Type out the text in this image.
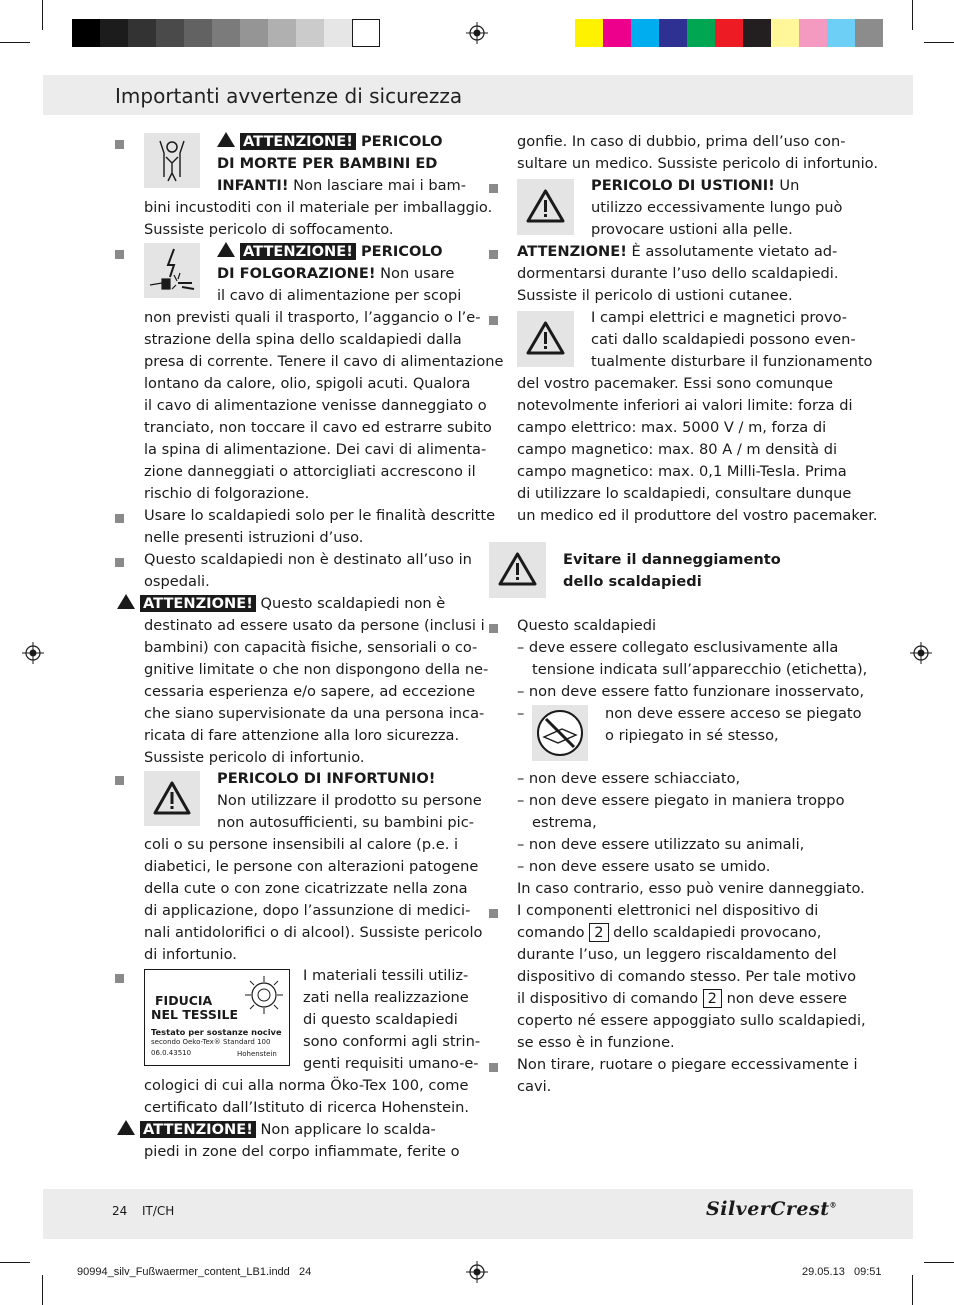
Importanti avvertenze di sicurezza
ATTENZIONE! PERICOLO
DI MORTE PER BAMBINI ED
INFANTI! Non lasciare mai i bam-
bini incustoditi con il materiale per imballaggio.
Sussiste pericolo di soffocamento.
ATTENZIONE! PERICOLO
DI FOLGORAZIONE! Non usare
il cavo di alimentazione per scopi
non previsti quali il trasporto, l’aggancio o l’e-
strazione della spina dello scaldapiedi dalla
presa di corrente. Tenere il cavo di alimentazione
lontano da calore, olio, spigoli acuti. Qualora
il cavo di alimentazione venisse danneggiato o
tranciato, non toccare il cavo ed estrarre subito
la spina di alimentazione. Dei cavi di alimenta-
zione danneggiati o attorcigliati accrescono il
rischio di folgorazione.
Usare lo scaldapiedi solo per le finalità descritte
nelle presenti istruzioni d’uso.
Questo scaldapiedi non è destinato all’uso in
ospedali.
ATTENZIONE! Questo scaldapiedi non è
destinato ad essere usato da persone (inclusi i
bambini) con capacità fisiche, sensoriali o co-
gnitive limitate o che non dispongono della ne-
cessaria esperienza e/o sapere, ad eccezione
che siano supervisionate da una persona inca-
ricata di fare attenzione alla loro sicurezza.
Sussiste pericolo di infortunio.
PERICOLO DI INFORTUNIO!
Non utilizzare il prodotto su persone
non autosufficienti, su bambini pic-
coli o su persone insensibili al calore (p.e. i
diabetici, le persone con alterazioni patogene
della cute o con zone cicatrizzate nella zona
di applicazione, dopo l’assunzione di medici-
nali antidolorifici o di alcool). Sussiste pericolo
di infortunio.
FIDUCIA
NEL TESSILE
Testato per sostanze nocive
secondo Oeko-Tex® Standard 100
06.0.43510	Hohenstein
I materiali tessili utiliz-
zati nella realizzazione
di questo scaldapiedi
sono conformi agli strin-
genti requisiti umano-e-
cologici di cui alla norma Öko-Tex 100, come
certificato dall’Istituto di ricerca Hohenstein.
ATTENZIONE! Non applicare lo scalda-
piedi in zone del corpo infiammate, ferite o
gonfie. In caso di dubbio, prima dell’uso con-
sultare un medico. Sussiste pericolo di infortunio.
PERICOLO DI USTIONI! Un
utilizzo eccessivamente lungo può
provocare ustioni alla pelle.
ATTENZIONE! È assolutamente vietato ad-
dormentarsi durante l’uso dello scaldapiedi.
Sussiste il pericolo di ustioni cutanee.
I campi elettrici e magnetici provo-
cati dallo scaldapiedi possono even-
tualmente disturbare il funzionamento
del vostro pacemaker. Essi sono comunque
notevolmente inferiori ai valori limite: forza di
campo elettrico: max. 5000 V / m, forza di
campo magnetico: max. 80 A / m densità di
campo magnetico: max. 0,1 Milli-Tesla. Prima
di utilizzare lo scaldapiedi, consultare dunque
un medico ed il produttore del vostro pacemaker.
Evitare il danneggiamento
dello scaldapiedi
Questo scaldapiedi
– deve essere collegato esclusivamente alla
tensione indicata sull’apparecchio (etichetta),
– non deve essere fatto funzionare inosservato,
–	non deve essere acceso se piegato
o ripiegato in sé stesso,
– non deve essere schiacciato,
– non deve essere piegato in maniera troppo
estrema,
– non deve essere utilizzato su animali,
– non deve essere usato se umido.
In caso contrario, esso può venire danneggiato.
I componenti elettronici nel dispositivo di
comando 2 dello scaldapiedi provocano,
durante l’uso, un leggero riscaldamento del
dispositivo di comando stesso. Per tale motivo
il dispositivo di comando 2 non deve essere
coperto né essere appoggiato sullo scaldapiedi,
se esso è in funzione.
Non tirare, ruotare o piegare eccessivamente i
cavi.
24 IT/CH	SilverCrest®
90994_silv_Fußwaermer_content_LB1.indd   24	29.05.13   09:51
